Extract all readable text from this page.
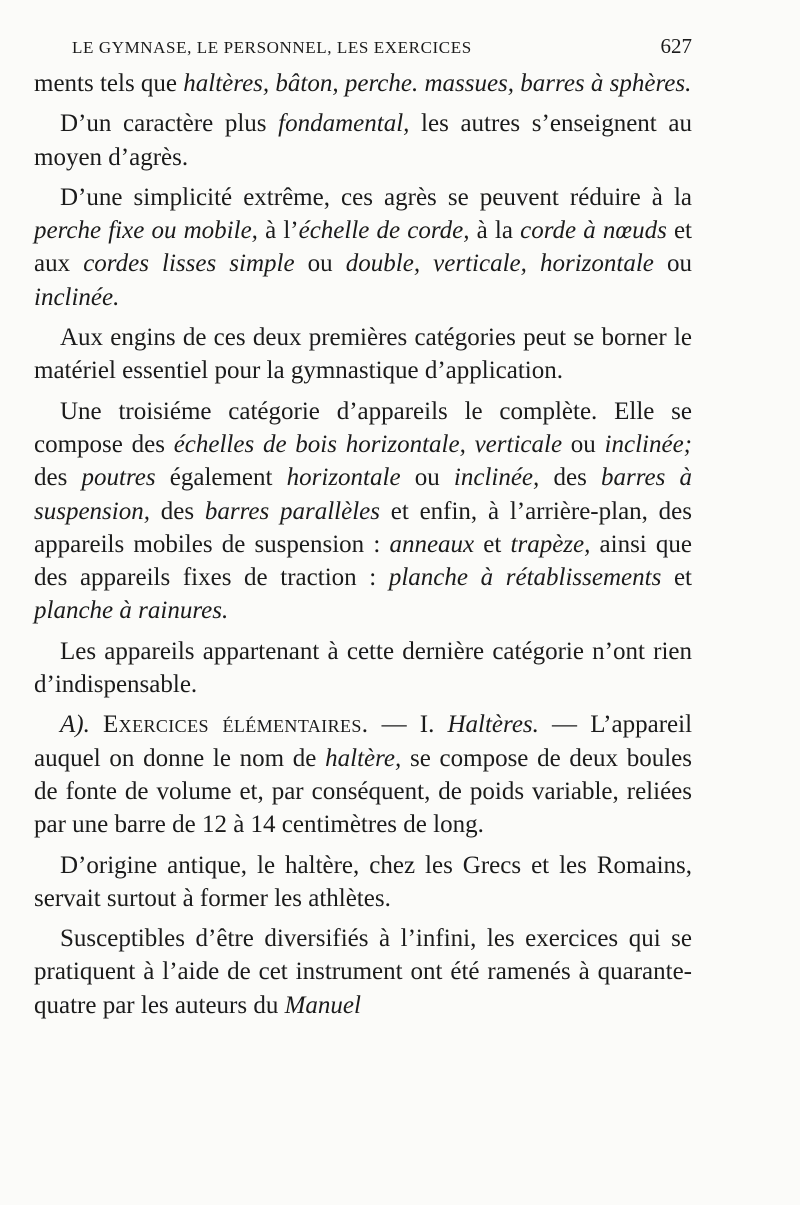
LE GYMNASE, LE PERSONNEL, LES EXERCICES	627

ments tels que haltères, bâton, perche. massues, barres à sphères.

D’un caractère plus fondamental, les autres s’enseignent au moyen d’agrès.

D’une simplicité extrême, ces agrès se peuvent réduire à la perche fixe ou mobile, à l’échelle de corde, à la corde à nœuds et aux cordes lisses simple ou double, verticale, horizontale ou inclinée.

Aux engins de ces deux premières catégories peut se borner le matériel essentiel pour la gymnastique d’application.

Une troisiéme catégorie d’appareils le complète. Elle se compose des échelles de bois horizontale, verticale ou inclinée; des poutres également horizontale ou inclinée, des barres à suspension, des barres parallèles et enfin, à l’arrière-plan, des appareils mobiles de suspension : anneaux et trapèze, ainsi que des appareils fixes de traction : planche à rétablissements et planche à rainures.

Les appareils appartenant à cette dernière catégorie n’ont rien d’indispensable.

A). Exercices élémentaires. — I. Haltères. — L’appareil auquel on donne le nom de haltère, se compose de deux boules de fonte de volume et, par conséquent, de poids variable, reliées par une barre de 12 à 14 centimètres de long.

D’origine antique, le haltère, chez les Grecs et les Romains, servait surtout à former les athlètes.

Susceptibles d’être diversifiés à l’infini, les exercices qui se pratiquent à l’aide de cet instrument ont été ramenés à quarante-quatre par les auteurs du Manuel
